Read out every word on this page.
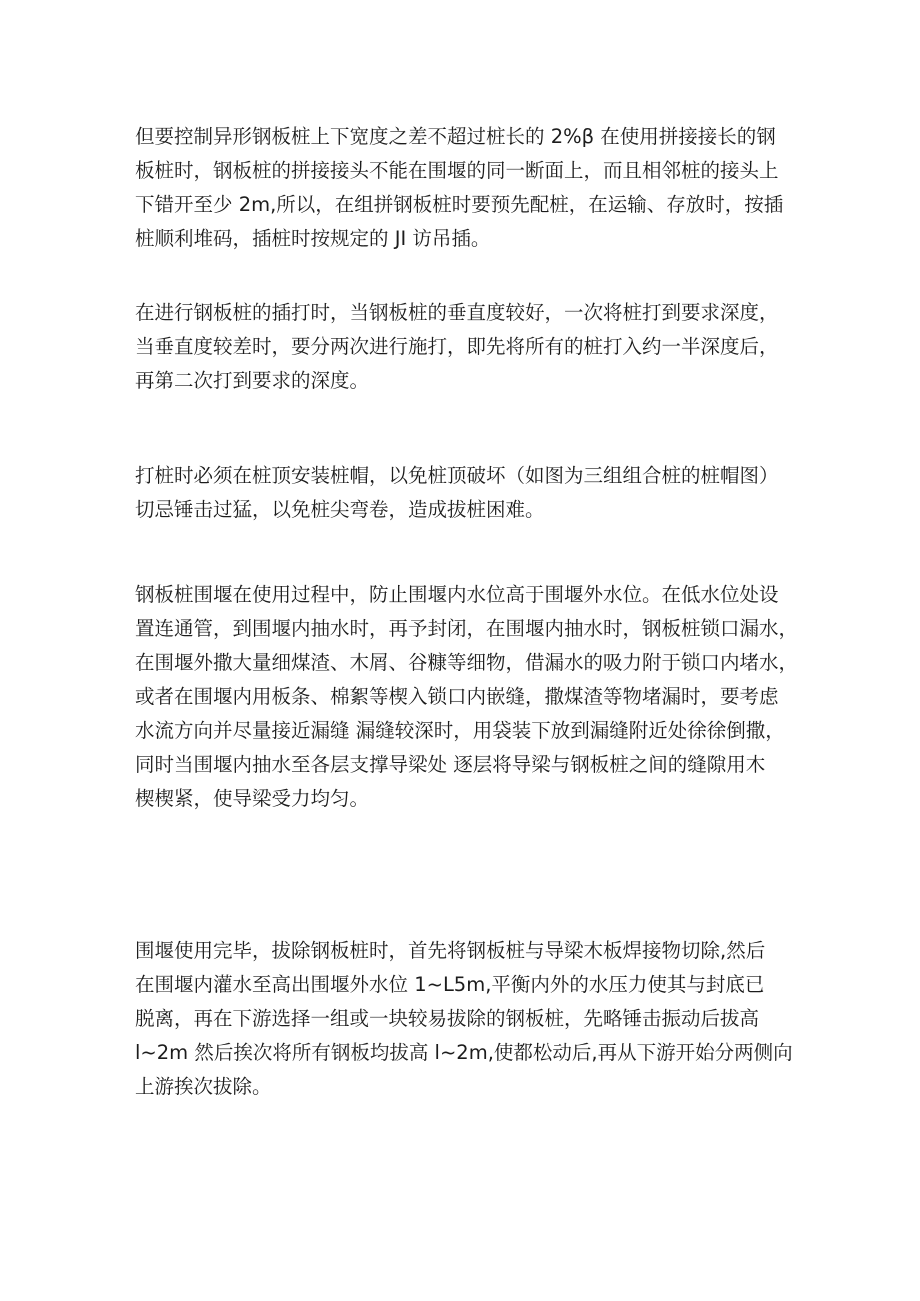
但要控制异形钢板桩上下宽度之差不超过桩长的 2%β 在使用拼接接长的钢
板桩时，钢板桩的拼接接头不能在围堰的同一断面上，而且相邻桩的接头上
下错开至少 2m,所以，在组拼钢板桩时要预先配桩，在运输、存放时，按插
桩顺利堆码，插桩时按规定的 JI 访吊插。
在进行钢板桩的插打时，当钢板桩的垂直度较好，一次将桩打到要求深度，
当垂直度较差时，要分两次进行施打，即先将所有的桩打入约一半深度后，
再第二次打到要求的深度。
打桩时必须在桩顶安装桩帽，以免桩顶破坏（如图为三组组合桩的桩帽图）
切忌锤击过猛，以免桩尖弯卷，造成拔桩困难。
钢板桩围堰在使用过程中，防止围堰内水位高于围堰外水位。在低水位处设
置连通管，到围堰内抽水时，再予封闭，在围堰内抽水时，钢板桩锁口漏水，
在围堰外撒大量细煤渣、木屑、谷糠等细物，借漏水的吸力附于锁口内堵水，
或者在围堰内用板条、棉絮等楔入锁口内嵌缝，撒煤渣等物堵漏时，要考虑
水流方向并尽量接近漏缝 漏缝较深时，用袋装下放到漏缝附近处徐徐倒撒，
同时当围堰内抽水至各层支撑导梁处 逐层将导梁与钢板桩之间的缝隙用木
楔楔紧，使导梁受力均匀。
围堰使用完毕，拔除钢板桩时，首先将钢板桩与导梁木板焊接物切除,然后
在围堰内灌水至高出围堰外水位 1~L5m,平衡内外的水压力使其与封底已
脱离，再在下游选择一组或一块较易拔除的钢板桩，先略锤击振动后拔高
l~2m 然后挨次将所有钢板均拔高 l~2m,使都松动后,再从下游开始分两侧向
上游挨次拔除。
